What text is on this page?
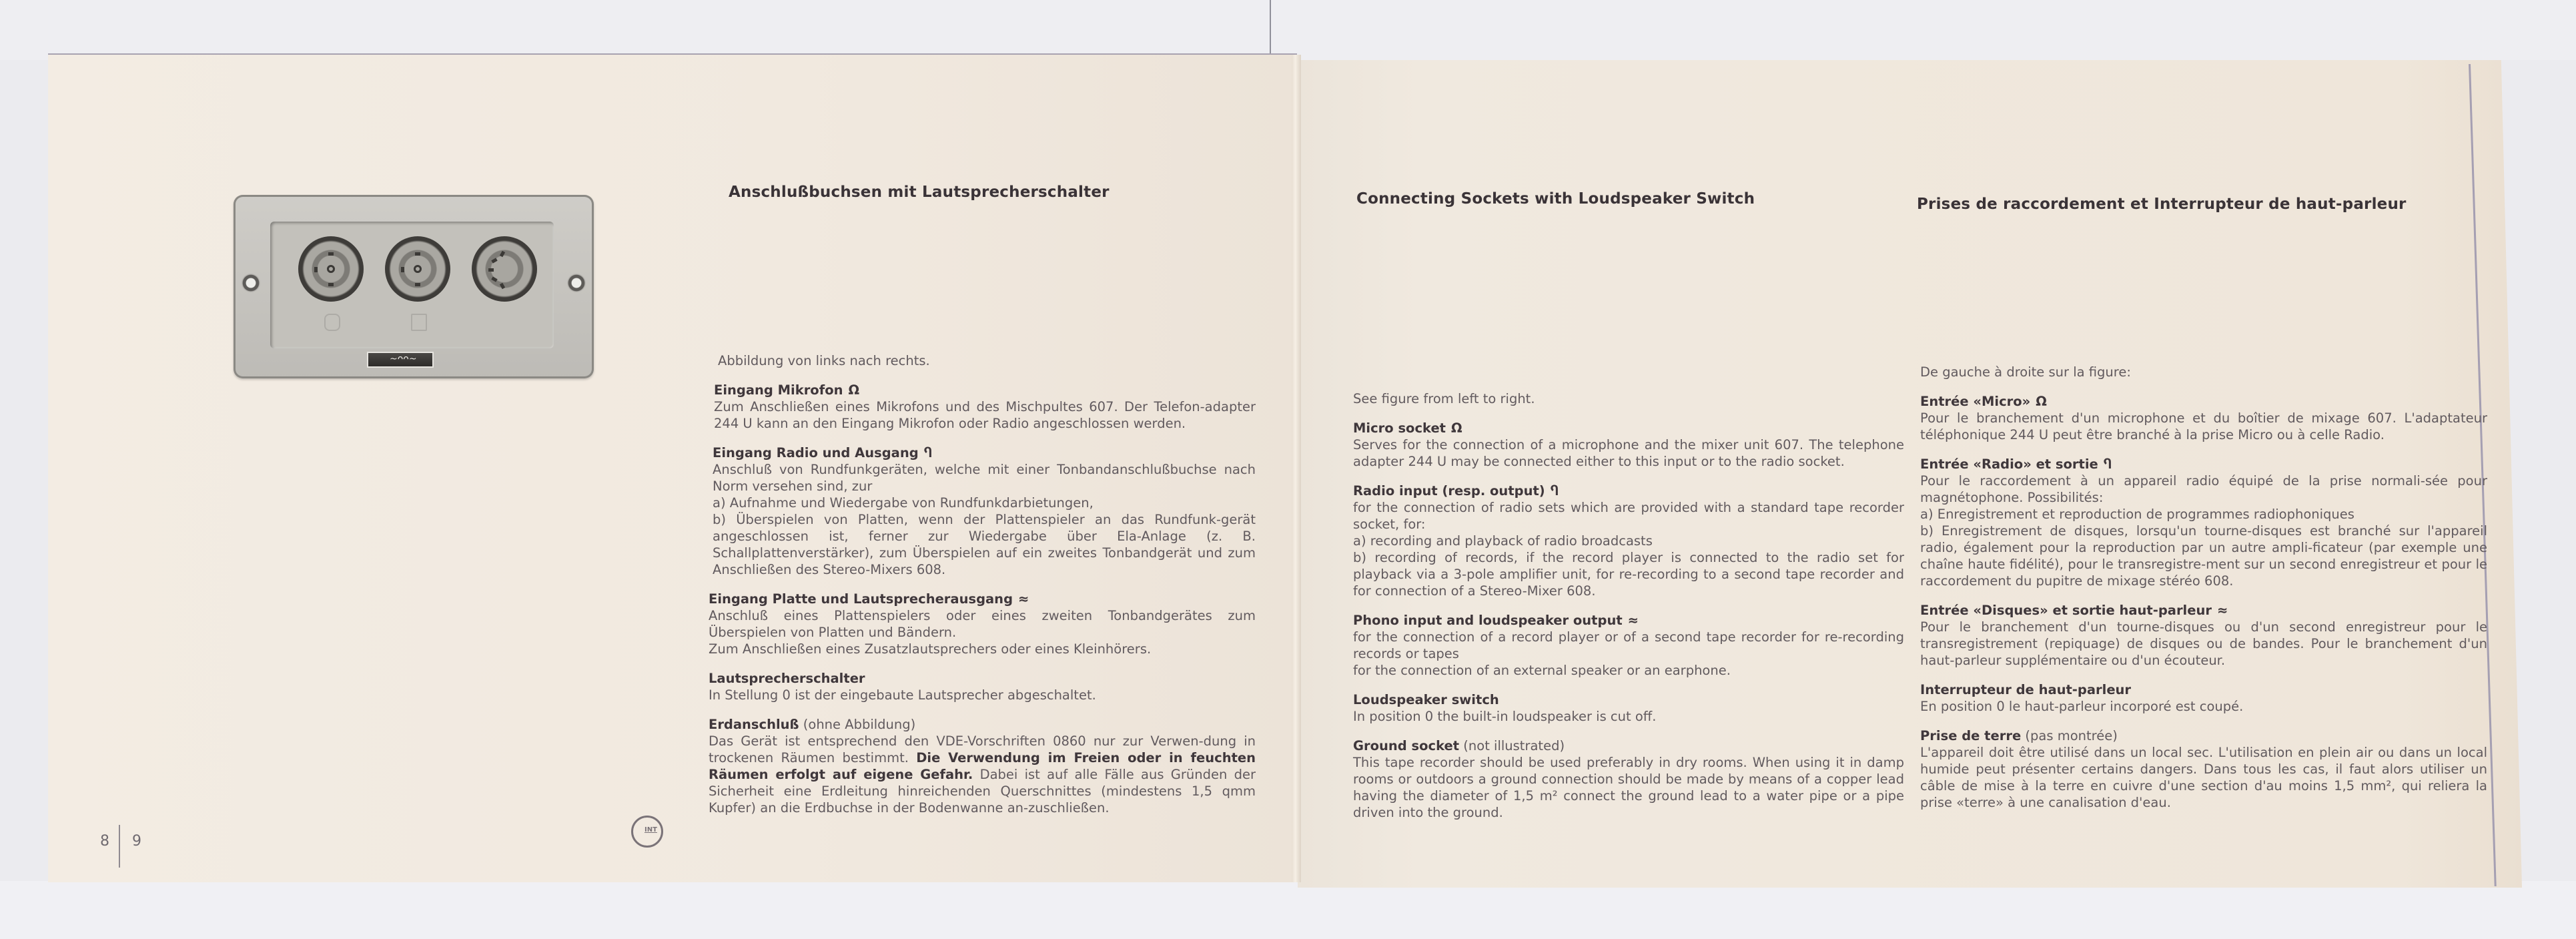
~ᴖᴖ~
Anschlußbuchsen mit Lautsprecherschalter	Connecting Sockets with Loudspeaker Switch	Prises de raccordement et Interrupteur de haut-parleur

Abbildung von links nach rechts.

Eingang Mikrofon Ω
Zum Anschließen eines Mikrofons und des Mischpultes 607. Der Telefon-adapter 244 U kann an den Eingang Mikrofon oder Radio angeschlossen werden.

Eingang Radio und Ausgang Ⴄ
Anschluß von Rundfunkgeräten, welche mit einer Tonbandanschlußbuchse nach Norm versehen sind, zur
a) Aufnahme und Wiedergabe von Rundfunkdarbietungen,
b) Überspielen von Platten, wenn der Plattenspieler an das Rundfunk-gerät angeschlossen ist, ferner zur Wiedergabe über Ela-Anlage (z. B. Schallplattenverstärker), zum Überspielen auf ein zweites Tonbandgerät und zum Anschließen des Stereo-Mixers 608.

Eingang Platte und Lautsprecherausgang ≈
Anschluß eines Plattenspielers oder eines zweiten Tonbandgerätes zum Überspielen von Platten und Bändern.
Zum Anschließen eines Zusatzlautsprechers oder eines Kleinhörers.

Lautsprecherschalter
In Stellung 0 ist der eingebaute Lautsprecher abgeschaltet.

Erdanschluß (ohne Abbildung)
Das Gerät ist entsprechend den VDE-Vorschriften 0860 nur zur Verwen-dung in trockenen Räumen bestimmt. Die Verwendung im Freien oder in feuchten Räumen erfolgt auf eigene Gefahr. Dabei ist auf alle Fälle aus Gründen der Sicherheit eine Erdleitung hinreichenden Querschnittes (mindestens 1,5 qmm Kupfer) an die Erdbuchse in der Bodenwanne an-zuschließen.

See figure from left to right.

Micro socket Ω
Serves for the connection of a microphone and the mixer unit 607. The telephone adapter 244 U may be connected either to this input or to the radio socket.

Radio input (resp. output) Ⴄ
for the connection of radio sets which are provided with a standard tape recorder socket, for:
a) recording and playback of radio broadcasts
b) recording of records, if the record player is connected to the radio set for playback via a 3-pole amplifier unit, for re-recording to a second tape recorder and for connection of a Stereo-Mixer 608.

Phono input and loudspeaker output ≈
for the connection of a record player or of a second tape recorder for re-recording records or tapes
for the connection of an external speaker or an earphone.

Loudspeaker switch
In position 0 the built-in loudspeaker is cut off.

Ground socket (not illustrated)
This tape recorder should be used preferably in dry rooms. When using it in damp rooms or outdoors a ground connection should be made by means of a copper lead having the diameter of 1,5 m² connect the ground lead to a water pipe or a pipe driven into the ground.

De gauche à droite sur la figure:

Entrée «Micro» Ω
Pour le branchement d'un microphone et du boîtier de mixage 607. L'adaptateur téléphonique 244 U peut être branché à la prise Micro ou à celle Radio.

Entrée «Radio» et sortie Ⴄ
Pour le raccordement à un appareil radio équipé de la prise normali-sée pour magnétophone. Possibilités:
a) Enregistrement et reproduction de programmes radiophoniques
b) Enregistrement de disques, lorsqu'un tourne-disques est branché sur l'appareil radio, également pour la reproduction par un autre ampli-ficateur (par exemple une chaîne haute fidélité), pour le transregistre-ment sur un second enregistreur et pour le raccordement du pupitre de mixage stéréo 608.

Entrée «Disques» et sortie haut-parleur ≈
Pour le branchement d'un tourne-disques ou d'un second enregistreur pour le transregistrement (repiquage) de disques ou de bandes. Pour le branchement d'un haut-parleur supplémentaire ou d'un écouteur.

Interrupteur de haut-parleur
En position 0 le haut-parleur incorporé est coupé.

Prise de terre (pas montrée)
L'appareil doit être utilisé dans un local sec. L'utilisation en plein air ou dans un local humide peut présenter certains dangers. Dans tous les cas, il faut alors utiliser un câble de mise à la terre en cuivre d'une section d'au moins 1,5 mm², qui reliera la prise «terre» à une canalisation d'eau.

8 9
INT
